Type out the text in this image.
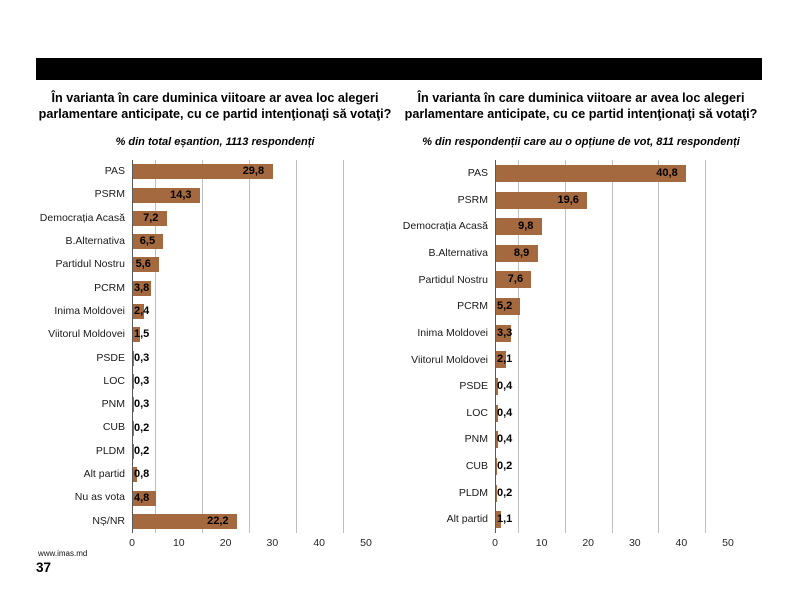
În varianta în care duminica viitoare ar avea loc alegeri parlamentare anticipate, cu ce partid intenţionaţi să votaţi?
% din total eșantion, 1113 respondenți
PAS	29,8
PSRM	14,3
Democrația Acasă 7,2
B.Alternativa 6,5
Partidul Nostru 5,6
PCRM 3,8
Inima Moldovei 2,4
Viitorul Moldovei 1,5
PSDE 0,3
LOC 0,3
PNM 0,3
CUB 0,2
PLDM 0,2
Alt partid 0,8
Nu as vota 4,8
NȘ/NR	22,2
0	10	20	30	40	50
În varianta în care duminica viitoare ar avea loc alegeri parlamentare anticipate, cu ce partid intenţionaţi să votaţi?
% din respondenții care au o opțiune de vot, 811 respondenți
PAS	40,8
PSRM	19,6
Democrația Acasă	9,8
B.Alternativa 8,9
Partidul Nostru 7,6
PCRM 5,2
Inima Moldovei 3,3
Viitorul Moldovei 2,1
PSDE 0,4
LOC 0,4
PNM 0,4
CUB 0,2
PLDM 0,2
Alt partid 1,1
0	10	20	30	40	50
www.imas.md
37
